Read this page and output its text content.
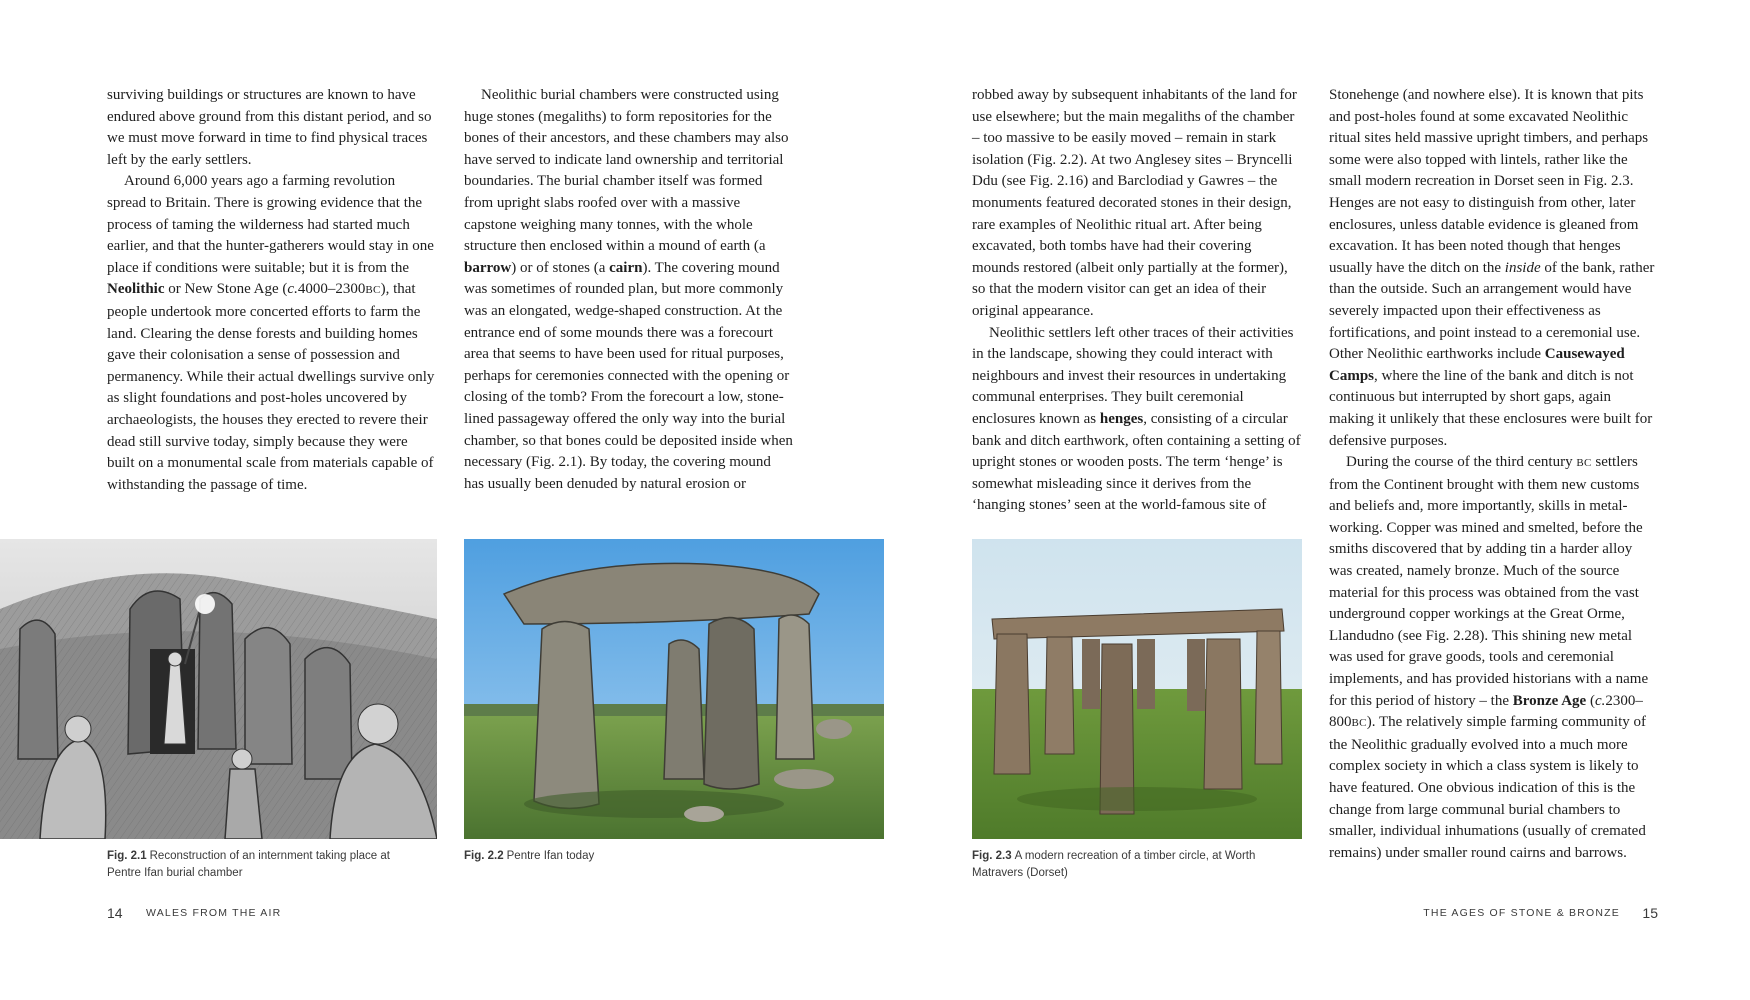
surviving buildings or structures are known to have endured above ground from this distant period, and so we must move forward in time to find physical traces left by the early settlers.

Around 6,000 years ago a farming revolution spread to Britain. There is growing evidence that the process of taming the wilderness had started much earlier, and that the hunter-gatherers would stay in one place if conditions were suitable; but it is from the Neolithic or New Stone Age (c.4000–2300BC), that people undertook more concerted efforts to farm the land. Clearing the dense forests and building homes gave their colonisation a sense of possession and permanency. While their actual dwellings survive only as slight foundations and post-holes uncovered by archaeologists, the houses they erected to revere their dead still survive today, simply because they were built on a monumental scale from materials capable of withstanding the passage of time.

Neolithic burial chambers were constructed using huge stones (megaliths) to form repositories for the bones of their ancestors, and these chambers may also have served to indicate land ownership and territorial boundaries. The burial chamber itself was formed from upright slabs roofed over with a massive capstone weighing many tonnes, with the whole structure then enclosed within a mound of earth (a barrow) or of stones (a cairn). The covering mound was sometimes of rounded plan, but more commonly was an elongated, wedge-shaped construction. At the entrance end of some mounds there was a forecourt area that seems to have been used for ritual purposes, perhaps for ceremonies connected with the opening or closing of the tomb? From the forecourt a low, stone-lined passageway offered the only way into the burial chamber, so that bones could be deposited inside when necessary (Fig. 2.1). By today, the covering mound has usually been denuded by natural erosion or

robbed away by subsequent inhabitants of the land for use elsewhere; but the main megaliths of the chamber – too massive to be easily moved – remain in stark isolation (Fig. 2.2). At two Anglesey sites – Bryncelli Ddu (see Fig. 2.16) and Barclodiad y Gawres – the monuments featured decorated stones in their design, rare examples of Neolithic ritual art. After being excavated, both tombs have had their covering mounds restored (albeit only partially at the former), so that the modern visitor can get an idea of their original appearance.

Neolithic settlers left other traces of their activities in the landscape, showing they could interact with neighbours and invest their resources in undertaking communal enterprises. They built ceremonial enclosures known as henges, consisting of a circular bank and ditch earthwork, often containing a setting of upright stones or wooden posts. The term ‘henge’ is somewhat misleading since it derives from the ‘hanging stones’ seen at the world-famous site of

Stonehenge (and nowhere else). It is known that pits and post-holes found at some excavated Neolithic ritual sites held massive upright timbers, and perhaps some were also topped with lintels, rather like the small modern recreation in Dorset seen in Fig. 2.3. Henges are not easy to distinguish from other, later enclosures, unless datable evidence is gleaned from excavation. It has been noted though that henges usually have the ditch on the inside of the bank, rather than the outside. Such an arrangement would have severely impacted upon their effectiveness as fortifications, and point instead to a ceremonial use. Other Neolithic earthworks include Causewayed Camps, where the line of the bank and ditch is not continuous but interrupted by short gaps, again making it unlikely that these enclosures were built for defensive purposes.

During the course of the third century BC settlers from the Continent brought with them new customs and beliefs and, more importantly, skills in metal-working. Copper was mined and smelted, before the smiths discovered that by adding tin a harder alloy was created, namely bronze. Much of the source material for this process was obtained from the vast underground copper workings at the Great Orme, Llandudno (see Fig. 2.28). This shining new metal was used for grave goods, tools and ceremonial implements, and has provided historians with a name for this period of history – the Bronze Age (c.2300–800BC). The relatively simple farming community of the Neolithic gradually evolved into a much more complex society in which a class system is likely to have featured. One obvious indication of this is the change from large communal burial chambers to smaller, individual inhumations (usually of cremated remains) under smaller round cairns and barrows.

Fig. 2.1 Reconstruction of an internment taking place at Pentre Ifan burial chamber
Fig. 2.2 Pentre Ifan today	Fig. 2.3 A modern recreation of a timber circle, at Worth Matravers (Dorset)
14 WALES FROM THE AIR	THE AGES OF STONE & BRONZE 15
